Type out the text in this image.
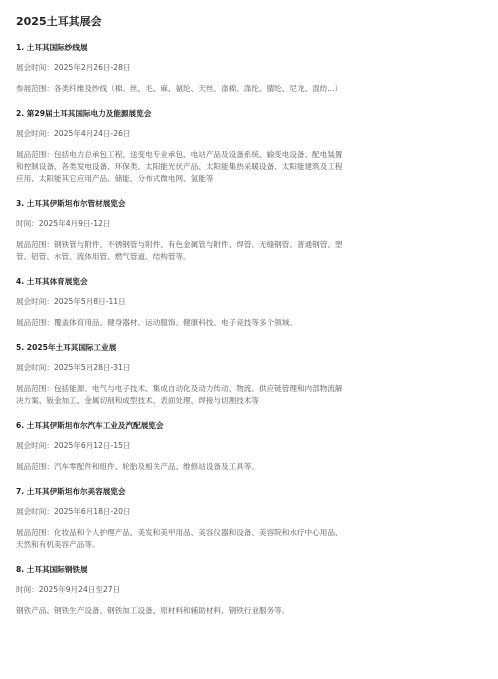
2025土耳其展会
1. 土耳其国际纱线展
展会时间：2025年2月26日-28日
参展范围：各类纤维及纱线（棉、丝、毛、麻、氨纶、天丝、涤棉、涤纶、腈纶、尼龙、混纺...）
2. 第29届土耳其国际电力及能源展览会
展会时间：2025年4月24日-26日
展品范围：包括电力总承包工程、送变电专业承包、电站产品及设备系统、输变电设备、配电装置
和控制设备、各类发电设备、环保类、太阳能光伏产品、太阳能集热采暖设备、太阳能建筑及工程
应用、太阳能其它应用产品、储能、分布式微电网、氢能等
3. 土耳其伊斯坦布尔管材展览会
时间：2025年4月9日-12日
展品范围：钢铁管与附件、不锈钢管与附件、有色金属管与附件、焊管、无缝钢管、普通钢管、塑
管、铝管、水管、流体用管、燃气管道、结构管等。
4. 土耳其体育展览会
展会时间：2025年5月8日-11日
展品范围：覆盖体育用品、健身器材、运动服饰、健康科技、电子竞技等多个领域。
5. 2025年土耳其国际工业展
展会时间：2025年5月28日-31日
展品范围：包括能源、电气与电子技术、集成自动化及动力传动、物流、供应链管理和内部物流解
决方案、钣金加工、金属切削和成型技术、表面处理、焊接与切割技术等
6. 土耳其伊斯坦布尔汽车工业及汽配展览会
展会时间：2025年6月12日-15日
展品范围：汽车零配件和组件、轮胎及相关产品、维修站设备及工具等。
7. 土耳其伊斯坦布尔美容展览会
展会时间：2025年6月18日-20日
展品范围：化妆品和个人护理产品、美发和美甲用品、美容仪器和设备、美容院和水疗中心用品、
天然和有机美容产品等。
8. 土耳其国际钢铁展
时间：2025年9月24日至27日
钢铁产品、钢铁生产设备、钢铁加工设备、原材料和辅助材料、钢铁行业服务等。
